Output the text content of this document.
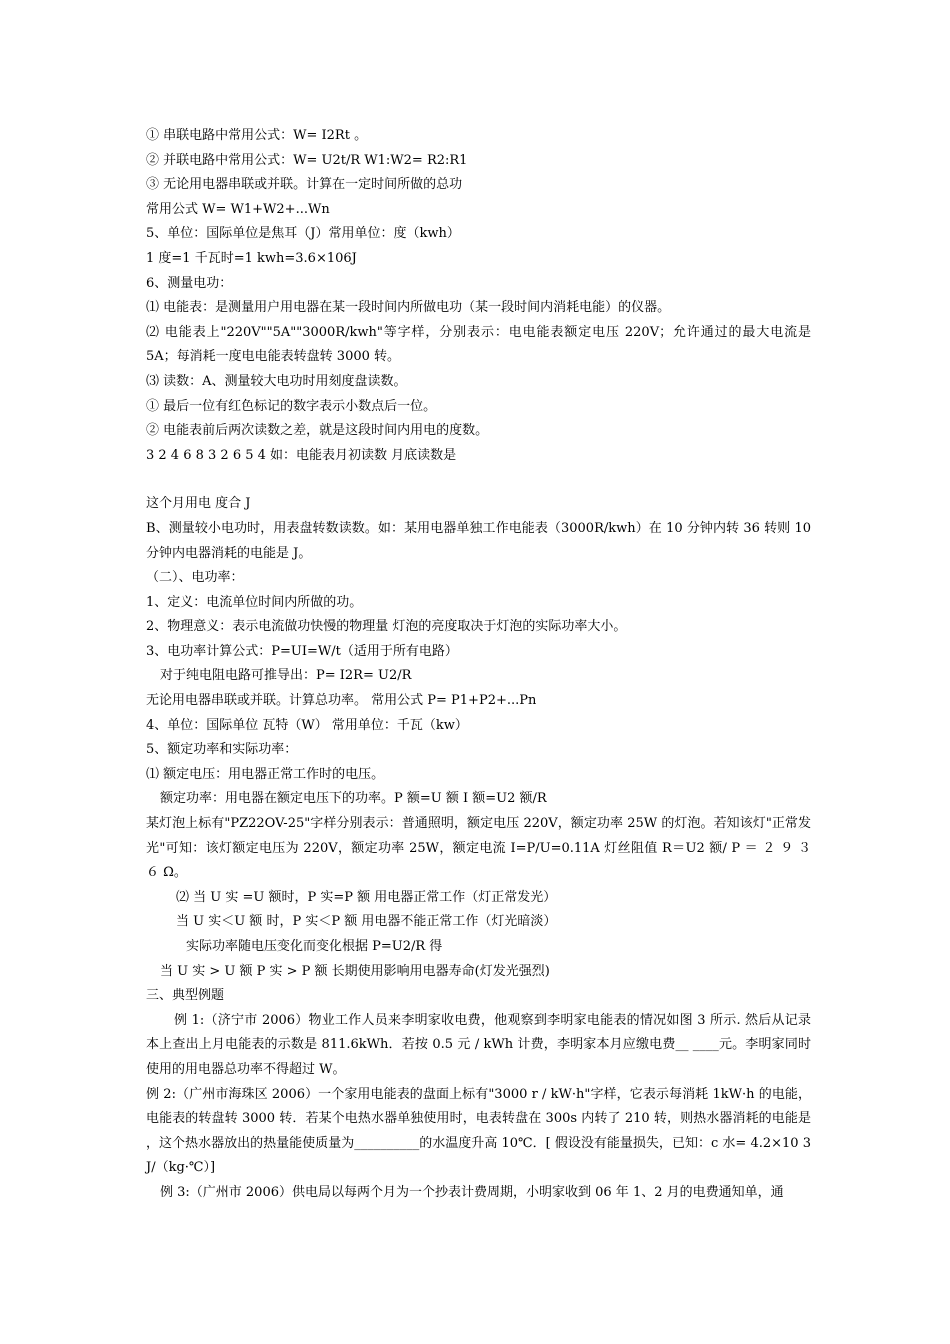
① 串联电路中常用公式：W= I2Rt 。
② 并联电路中常用公式：W= U2t/R W1:W2= R2:R1
③ 无论用电器串联或并联。计算在一定时间所做的总功
常用公式 W= W1+W2+...Wn
5、单位：国际单位是焦耳（J）常用单位：度（kwh）
1 度=1 千瓦时=1 kwh=3.6×106J
6、测量电功：
⑴ 电能表：是测量用户用电器在某一段时间内所做电功（某一段时间内消耗电能）的仪器。
⑵ 电能表上"220V""5A""3000R/kwh"等字样，分别表示：电电能表额定电压 220V；允许通过的最大电流是 5A；每消耗一度电电能表转盘转 3000 转。
⑶ 读数：A、测量较大电功时用刻度盘读数。
① 最后一位有红色标记的数字表示小数点后一位。
② 电能表前后两次读数之差，就是这段时间内用电的度数。
3 2 4 6 8 3 2 6 5 4 如：电能表月初读数 月底读数是
这个月用电 度合 J
B、测量较小电功时，用表盘转数读数。如：某用电器单独工作电能表（3000R/kwh）在 10 分钟内转 36 转则 10 分钟内电器消耗的电能是 J。
（二）、电功率：
1、定义：电流单位时间内所做的功。
2、物理意义：表示电流做功快慢的物理量 灯泡的亮度取决于灯泡的实际功率大小。
3、电功率计算公式：P=UI=W/t（适用于所有电路）
对于纯电阻电路可推导出：P= I2R= U2/R
无论用电器串联或并联。计算总功率。 常用公式 P= P1+P2+...Pn
4、单位：国际单位 瓦特（W） 常用单位：千瓦（kw）
5、额定功率和实际功率：
⑴ 额定电压：用电器正常工作时的电压。
额定功率：用电器在额定电压下的功率。P 额=U 额 I 额=U2 额/R
某灯泡上标有"PZ22OV-25"字样分别表示：普通照明，额定电压 220V，额定功率 25W 的灯泡。若知该灯"正常发光"可知：该灯额定电压为 220V，额定功率 25W，额定电流 I=P/U=0.11A 灯丝阻值 R＝U2 额/ P ＝ ２ ９ ３ ６ Ω。
⑵ 当 U 实 =U 额时，P 实=P 额 用电器正常工作（灯正常发光）
当 U 实＜U 额 时，P 实＜P 额 用电器不能正常工作（灯光暗淡）
实际功率随电压变化而变化根据 P=U2/R 得
当 U 实 > U 额 P 实 > P 额 长期使用影响用电器寿命(灯发光强烈)
三、典型例题
例 1:（济宁市 2006）物业工作人员来李明家收电费，他观察到李明家电能表的情况如图 3 所示. 然后从记录本上查出上月电能表的示数是 811.6kWh．若按 0.5 元 / kWh 计费，李明家本月应缴电费__ ____元。李明家同时使用的用电器总功率不得超过 W。
例 2:（广州市海珠区 2006）一个家用电能表的盘面上标有"3000 r / kW·h"字样，它表示每消耗 1kW·h 的电能，电能表的转盘转 3000 转．若某个电热水器单独使用时，电表转盘在 300s 内转了 210 转，则热水器消耗的电能是 ，这个热水器放出的热量能使质量为__________的水温度升高 10℃．[ 假设没有能量损失，已知：c 水= 4.2×10 3 J/（kg·℃）]
例 3:（广州市 2006）供电局以每两个月为一个抄表计费周期，小明家收到 06 年 1、2 月的电费通知单，通
